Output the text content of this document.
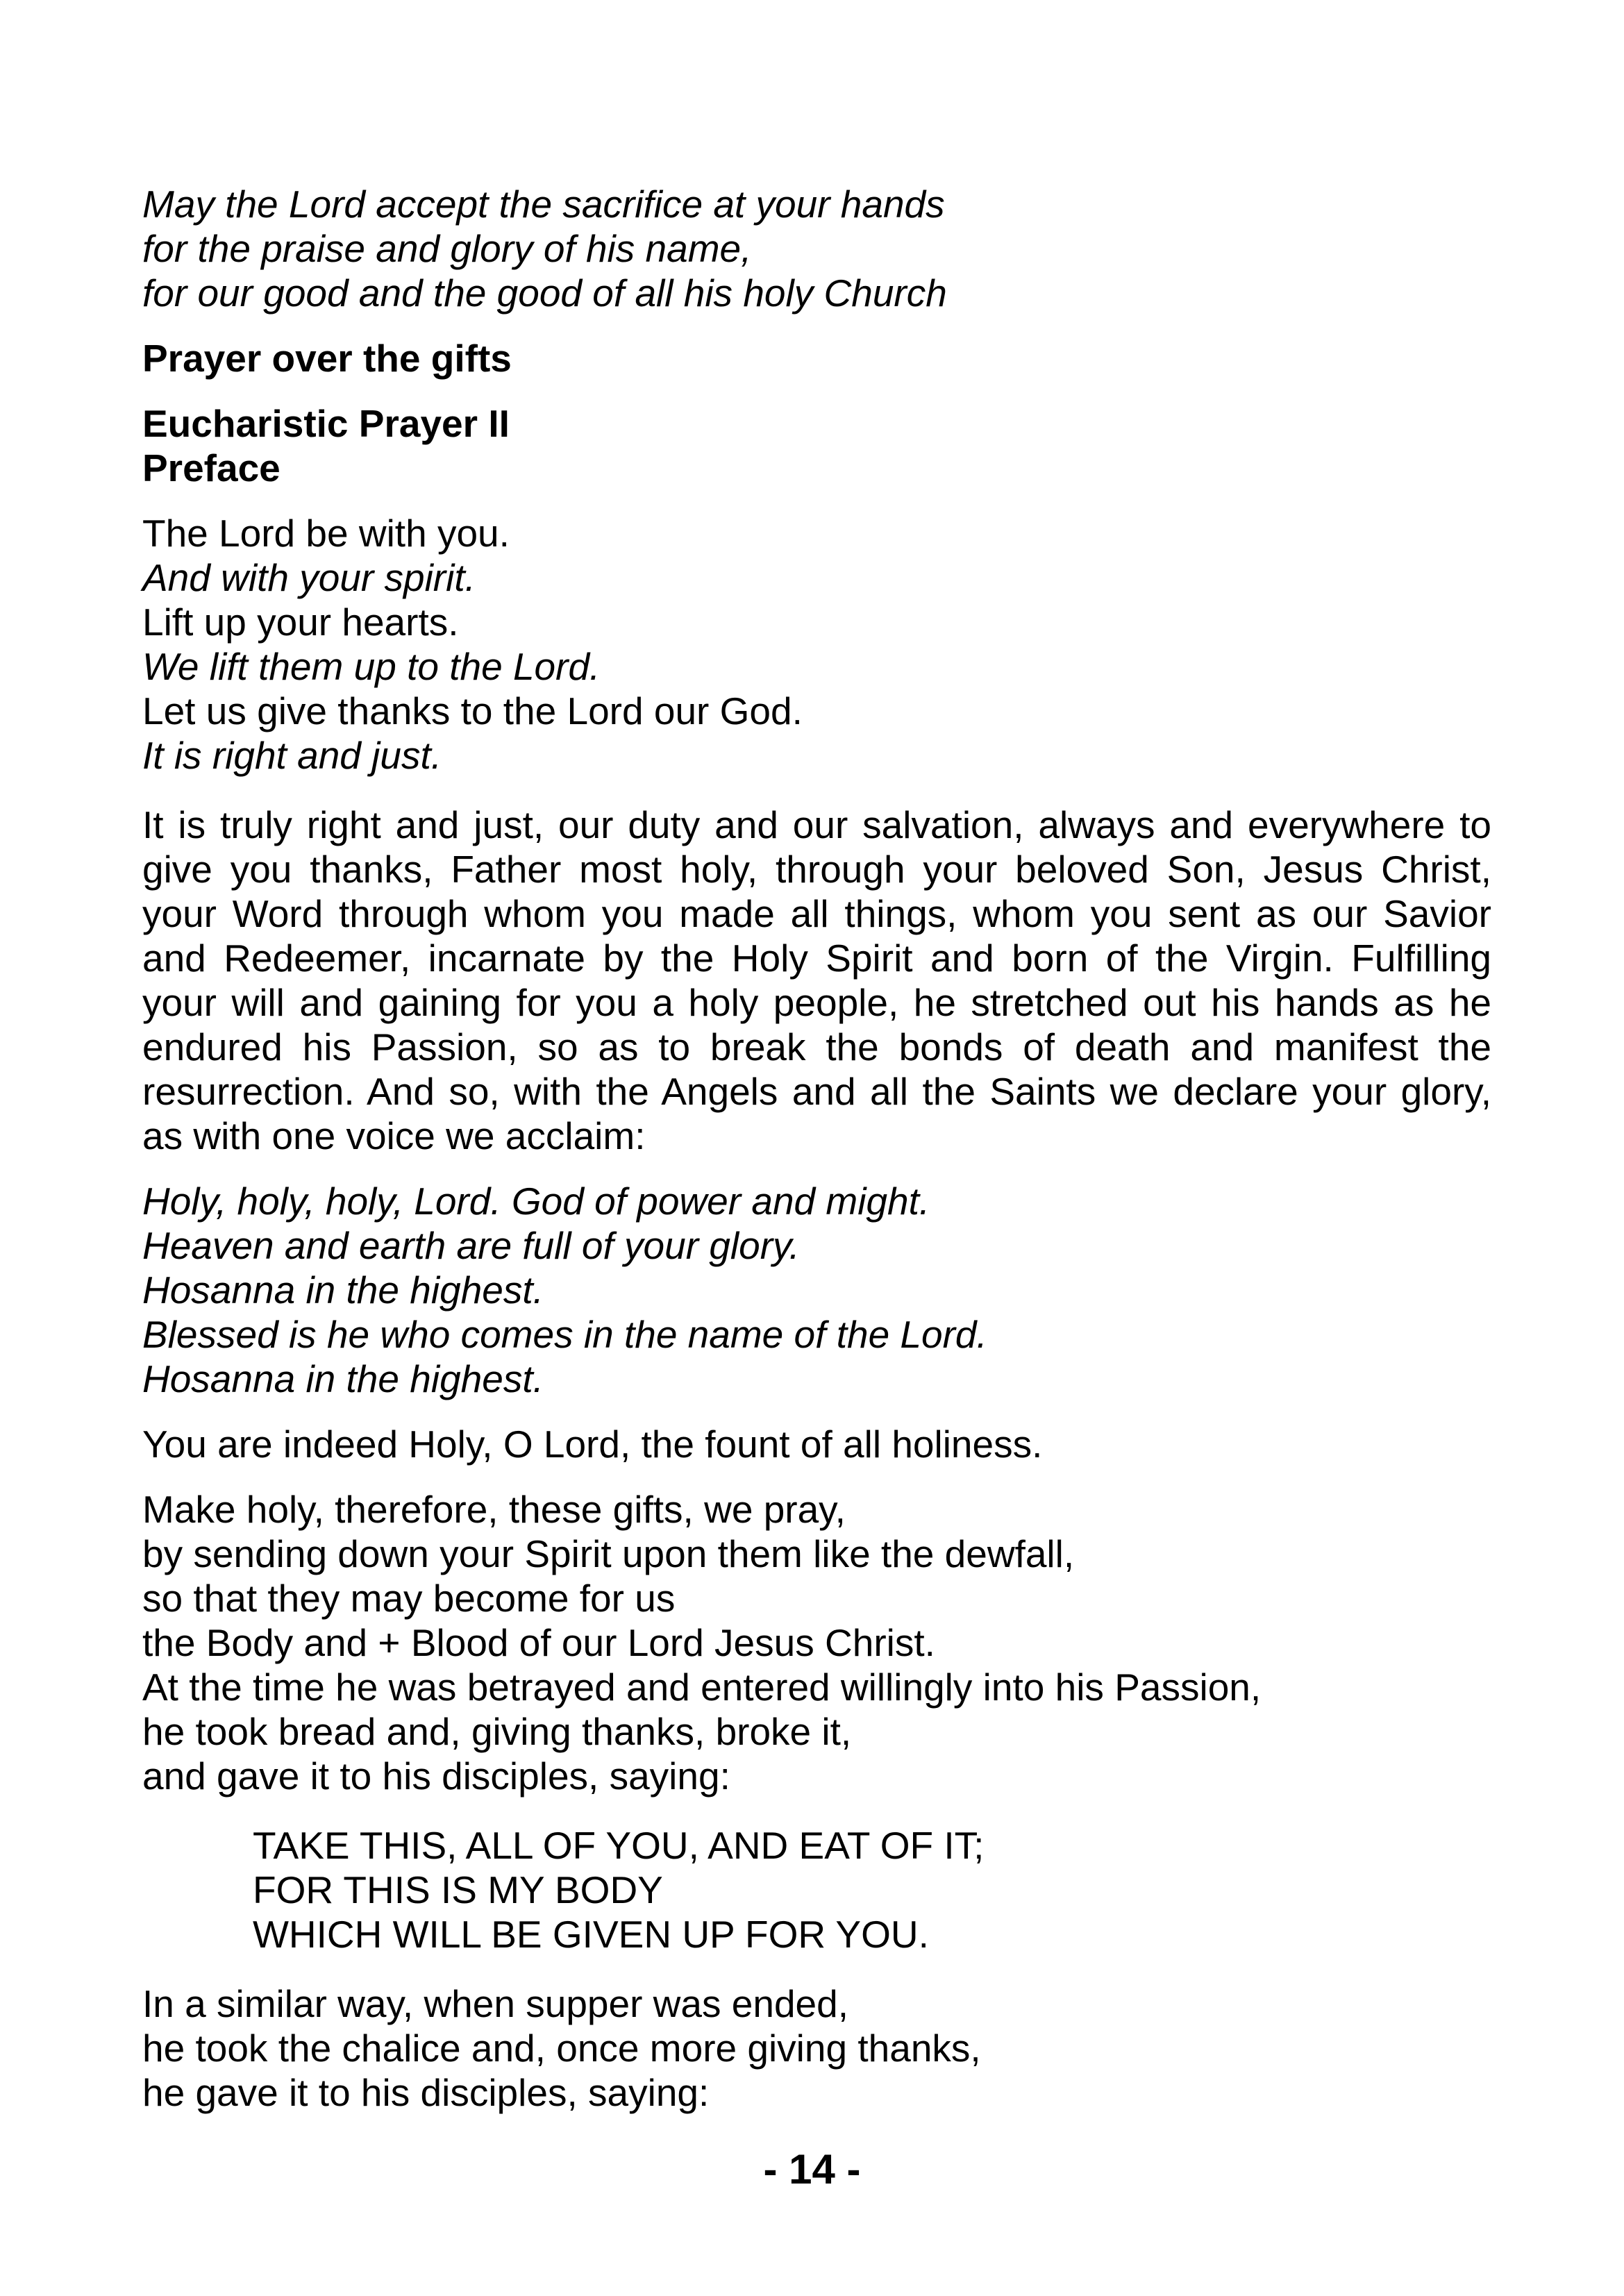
May the Lord accept the sacrifice at your hands
for the praise and glory of his name,
for our good and the good of all his holy Church
Prayer over the gifts
Eucharistic Prayer II
Preface
The Lord be with you.
And with your spirit.
Lift up your hearts.
We lift them up to the Lord.
Let us give thanks to the Lord our God.
It is right and just.

It is truly right and just, our duty and our salvation, always and everywhere to give you thanks, Father most holy, through your beloved Son, Jesus Christ, your Word through whom you made all things, whom you sent as our Savior and Redeemer, incarnate by the Holy Spirit and born of the Virgin. Fulfilling your will and gaining for you a holy people, he stretched out his hands as he endured his Passion, so as to break the bonds of death and manifest the resurrection. And so, with the Angels and all the Saints we declare your glory, as with one voice we acclaim:

Holy, holy, holy, Lord. God of power and might.
Heaven and earth are full of your glory.
Hosanna in the highest.
Blessed is he who comes in the name of the Lord.
Hosanna in the highest.
You are indeed Holy, O Lord, the fount of all holiness.
Make holy, therefore, these gifts, we pray,
by sending down your Spirit upon them like the dewfall,
so that they may become for us
the Body and + Blood of our Lord Jesus Christ.
At the time he was betrayed and entered willingly into his Passion,
he took bread and, giving thanks, broke it,
and gave it to his disciples, saying:
TAKE THIS, ALL OF YOU, AND EAT OF IT;
FOR THIS IS MY BODY
WHICH WILL BE GIVEN UP FOR YOU.
In a similar way, when supper was ended,
he took the chalice and, once more giving thanks,
he gave it to his disciples, saying:
- 14 -
